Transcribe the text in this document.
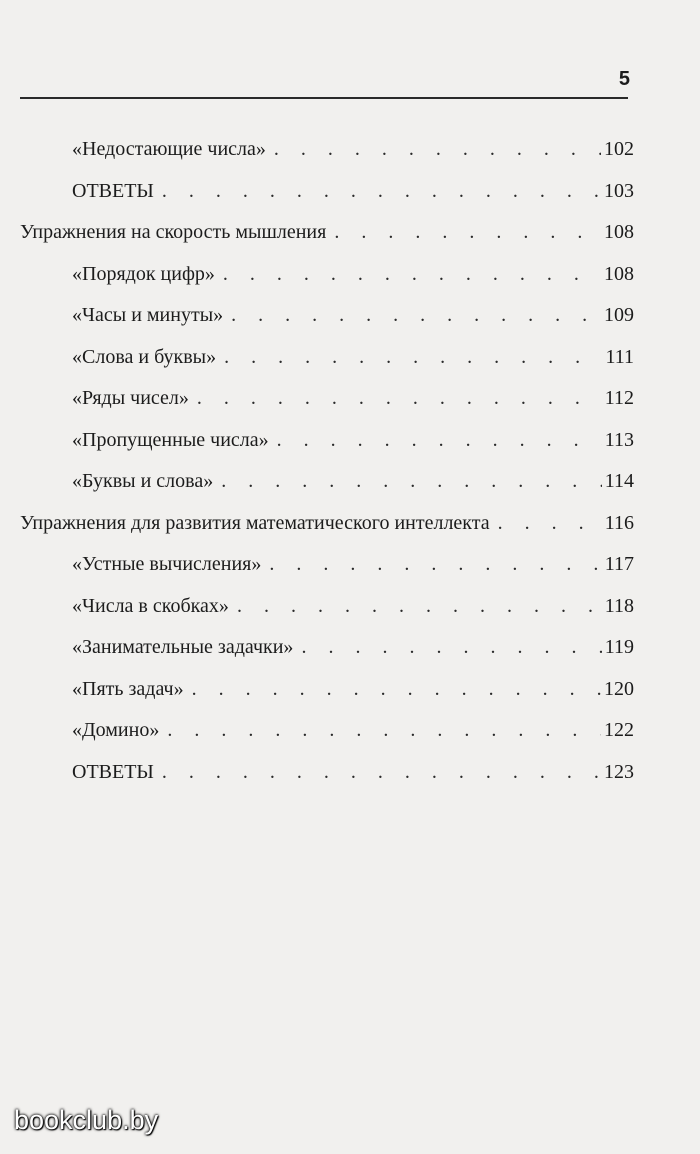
5
«Недостающие числа» . . .	102
ОТВЕТЫ . . .	103
Упражнения на скорость мышления . . .	108
«Порядок цифр» . . .	108
«Часы и минуты» . . .	109
«Слова и буквы» . . .	111
«Ряды чисел» . . .	112
«Пропущенные числа» . . .	113
«Буквы и слова» . . .	114
Упражнения для развития математического интеллекта . . .	116
«Устные вычисления» . . .	117
«Числа в скобках» . . .	118
«Занимательные задачки» . . .	119
«Пять задач» . . .	120
«Домино» . . .	122
ОТВЕТЫ . . .	123
bookclub.by
